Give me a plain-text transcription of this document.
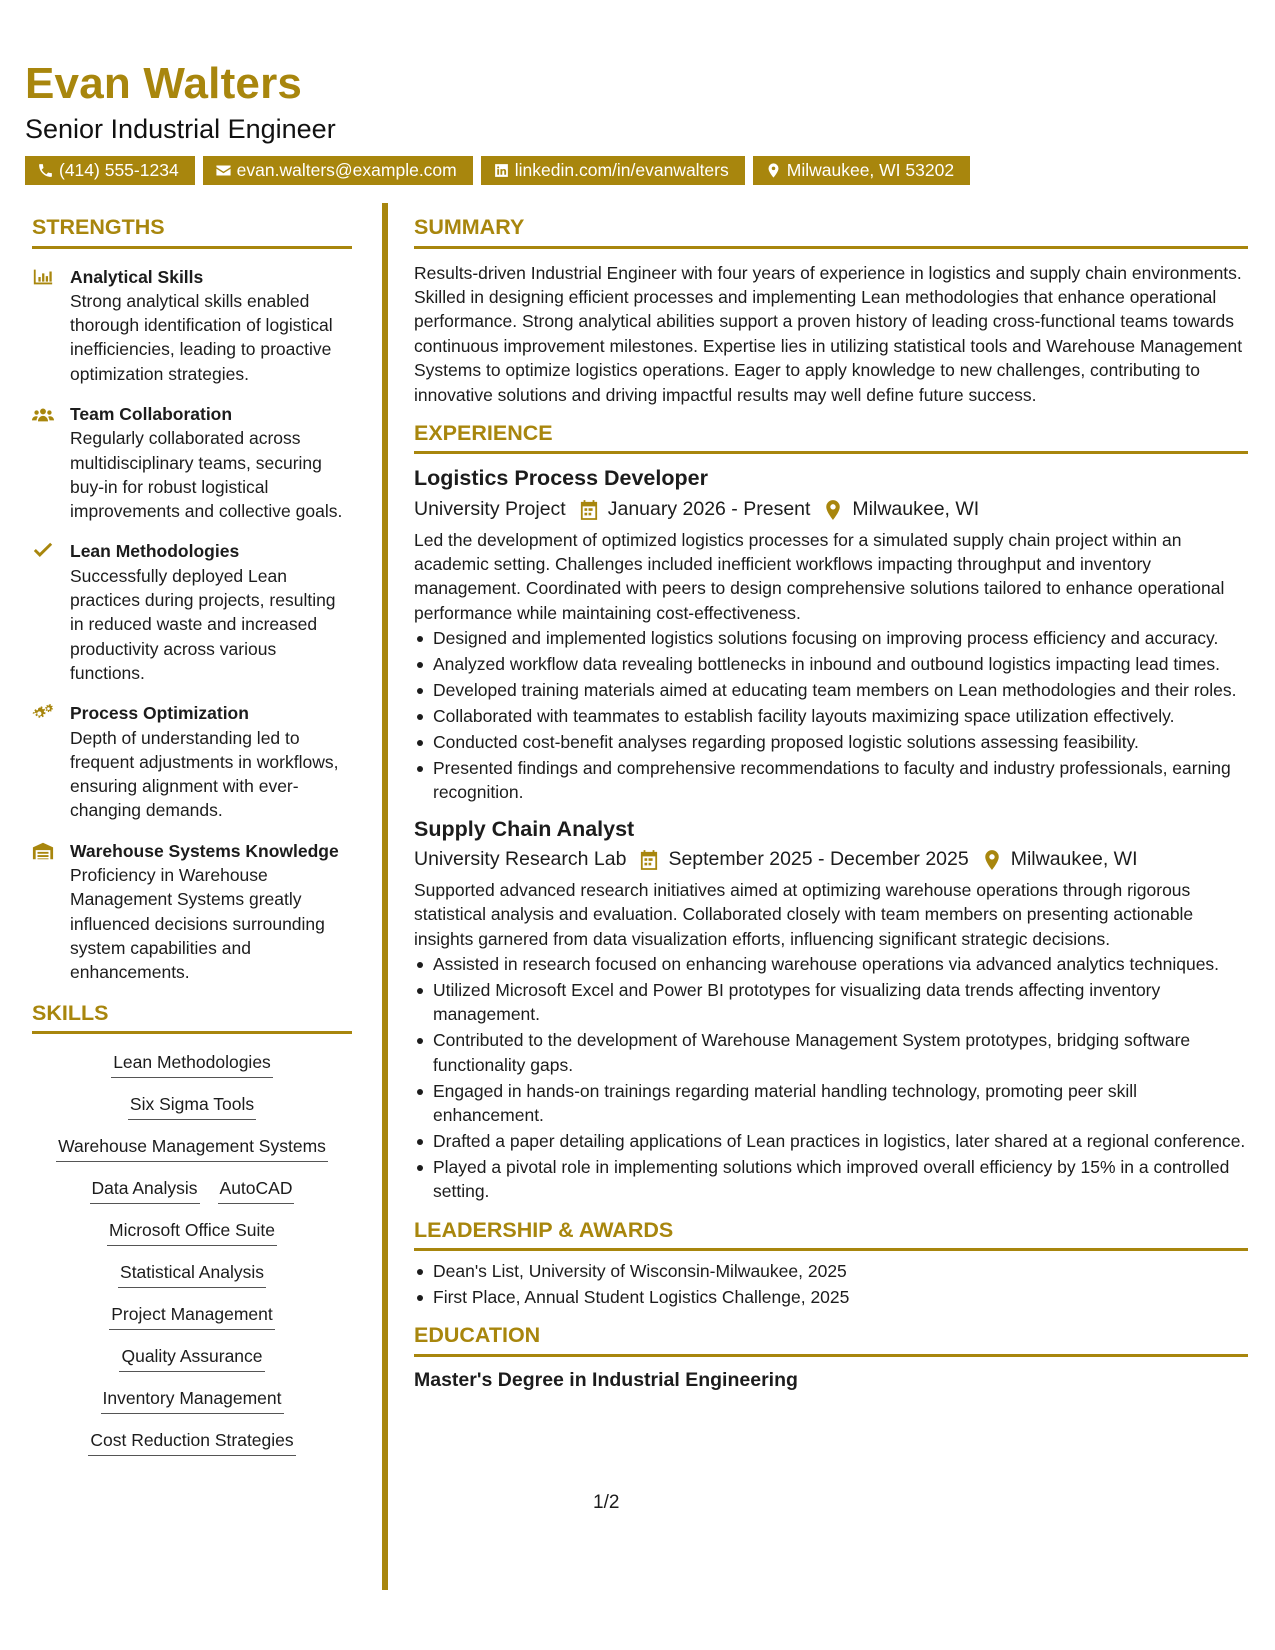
Evan Walters
Senior Industrial Engineer
(414) 555-1234	evan.walters@example.com	linkedin.com/in/evanwalters	Milwaukee, WI 53202
STRENGTHS
Analytical Skills
Strong analytical skills enabled thorough identification of logistical inefficiencies, leading to proactive optimization strategies.
Team Collaboration
Regularly collaborated across multidisciplinary teams, securing buy-in for robust logistical improvements and collective goals.
Lean Methodologies
Successfully deployed Lean practices during projects, resulting in reduced waste and increased productivity across various functions.
Process Optimization
Depth of understanding led to frequent adjustments in workflows, ensuring alignment with ever-changing demands.
Warehouse Systems Knowledge
Proficiency in Warehouse Management Systems greatly influenced decisions surrounding system capabilities and enhancements.
SKILLS
Lean Methodologies
Six Sigma Tools
Warehouse Management Systems
Data Analysis AutoCAD
Microsoft Office Suite
Statistical Analysis
Project Management
Quality Assurance
Inventory Management
Cost Reduction Strategies
SUMMARY
Results-driven Industrial Engineer with four years of experience in logistics and supply chain environments. Skilled in designing efficient processes and implementing Lean methodologies that enhance operational performance. Strong analytical abilities support a proven history of leading cross-functional teams towards continuous improvement milestones. Expertise lies in utilizing statistical tools and Warehouse Management Systems to optimize logistics operations. Eager to apply knowledge to new challenges, contributing to innovative solutions and driving impactful results may well define future success.
EXPERIENCE
Logistics Process Developer
University Project January 2026 - Present Milwaukee, WI
Led the development of optimized logistics processes for a simulated supply chain project within an academic setting. Challenges included inefficient workflows impacting throughput and inventory management. Coordinated with peers to design comprehensive solutions tailored to enhance operational performance while maintaining cost-effectiveness.
Designed and implemented logistics solutions focusing on improving process efficiency and accuracy.
Analyzed workflow data revealing bottlenecks in inbound and outbound logistics impacting lead times.
Developed training materials aimed at educating team members on Lean methodologies and their roles.
Collaborated with teammates to establish facility layouts maximizing space utilization effectively.
Conducted cost-benefit analyses regarding proposed logistic solutions assessing feasibility.
Presented findings and comprehensive recommendations to faculty and industry professionals, earning recognition.
Supply Chain Analyst
University Research Lab September 2025 - December 2025 Milwaukee, WI
Supported advanced research initiatives aimed at optimizing warehouse operations through rigorous statistical analysis and evaluation. Collaborated closely with team members on presenting actionable insights garnered from data visualization efforts, influencing significant strategic decisions.
Assisted in research focused on enhancing warehouse operations via advanced analytics techniques.
Utilized Microsoft Excel and Power BI prototypes for visualizing data trends affecting inventory management.
Contributed to the development of Warehouse Management System prototypes, bridging software functionality gaps.
Engaged in hands-on trainings regarding material handling technology, promoting peer skill enhancement.
Drafted a paper detailing applications of Lean practices in logistics, later shared at a regional conference.
Played a pivotal role in implementing solutions which improved overall efficiency by 15% in a controlled setting.
LEADERSHIP & AWARDS
Dean's List, University of Wisconsin-Milwaukee, 2025
First Place, Annual Student Logistics Challenge, 2025
EDUCATION
Master's Degree in Industrial Engineering
1/2
